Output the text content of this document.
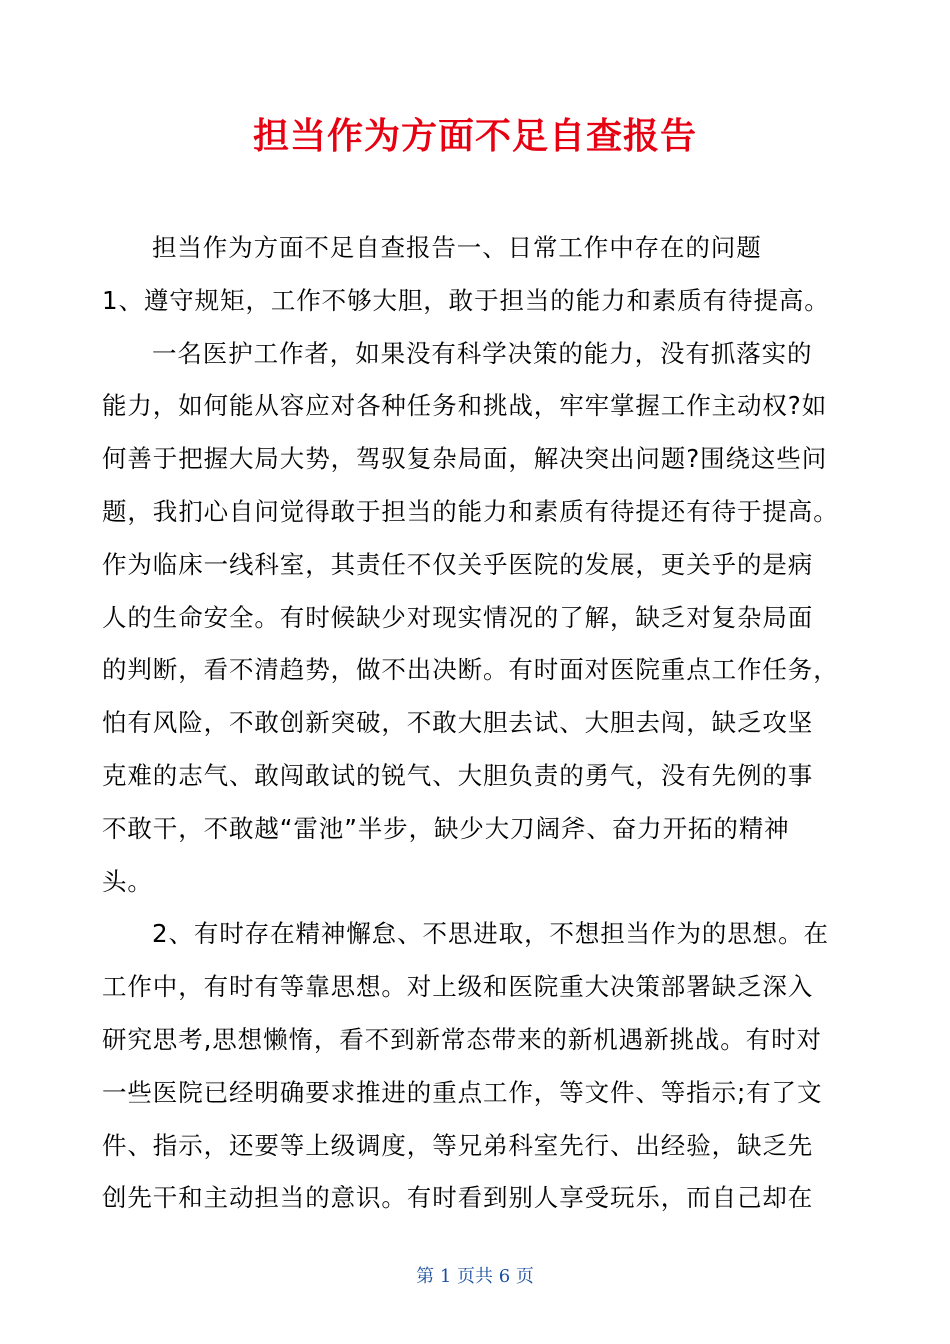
担当作为方面不足自查报告
担当作为方面不足自查报告一、日常工作中存在的问题
1、遵守规矩，工作不够大胆，敢于担当的能力和素质有待提高。
一名医护工作者，如果没有科学决策的能力，没有抓落实的
能力，如何能从容应对各种任务和挑战，牢牢掌握工作主动权?如
何善于把握大局大势，驾驭复杂局面，解决突出问题?围绕这些问
题，我扪心自问觉得敢于担当的能力和素质有待提还有待于提高。
作为临床一线科室，其责任不仅关乎医院的发展，更关乎的是病
人的生命安全。有时候缺少对现实情况的了解，缺乏对复杂局面
的判断，看不清趋势，做不出决断。有时面对医院重点工作任务，
怕有风险，不敢创新突破，不敢大胆去试、大胆去闯，缺乏攻坚
克难的志气、敢闯敢试的锐气、大胆负责的勇气，没有先例的事
不敢干，不敢越“雷池”半步，缺少大刀阔斧、奋力开拓的精神
头。
2、有时存在精神懈怠、不思进取，不想担当作为的思想。在
工作中，有时有等靠思想。对上级和医院重大决策部署缺乏深入
研究思考,思想懒惰，看不到新常态带来的新机遇新挑战。有时对
一些医院已经明确要求推进的重点工作，等文件、等指示;有了文
件、指示，还要等上级调度，等兄弟科室先行、出经验，缺乏先
创先干和主动担当的意识。有时看到别人享受玩乐，而自己却在
第 1 页共 6 页
